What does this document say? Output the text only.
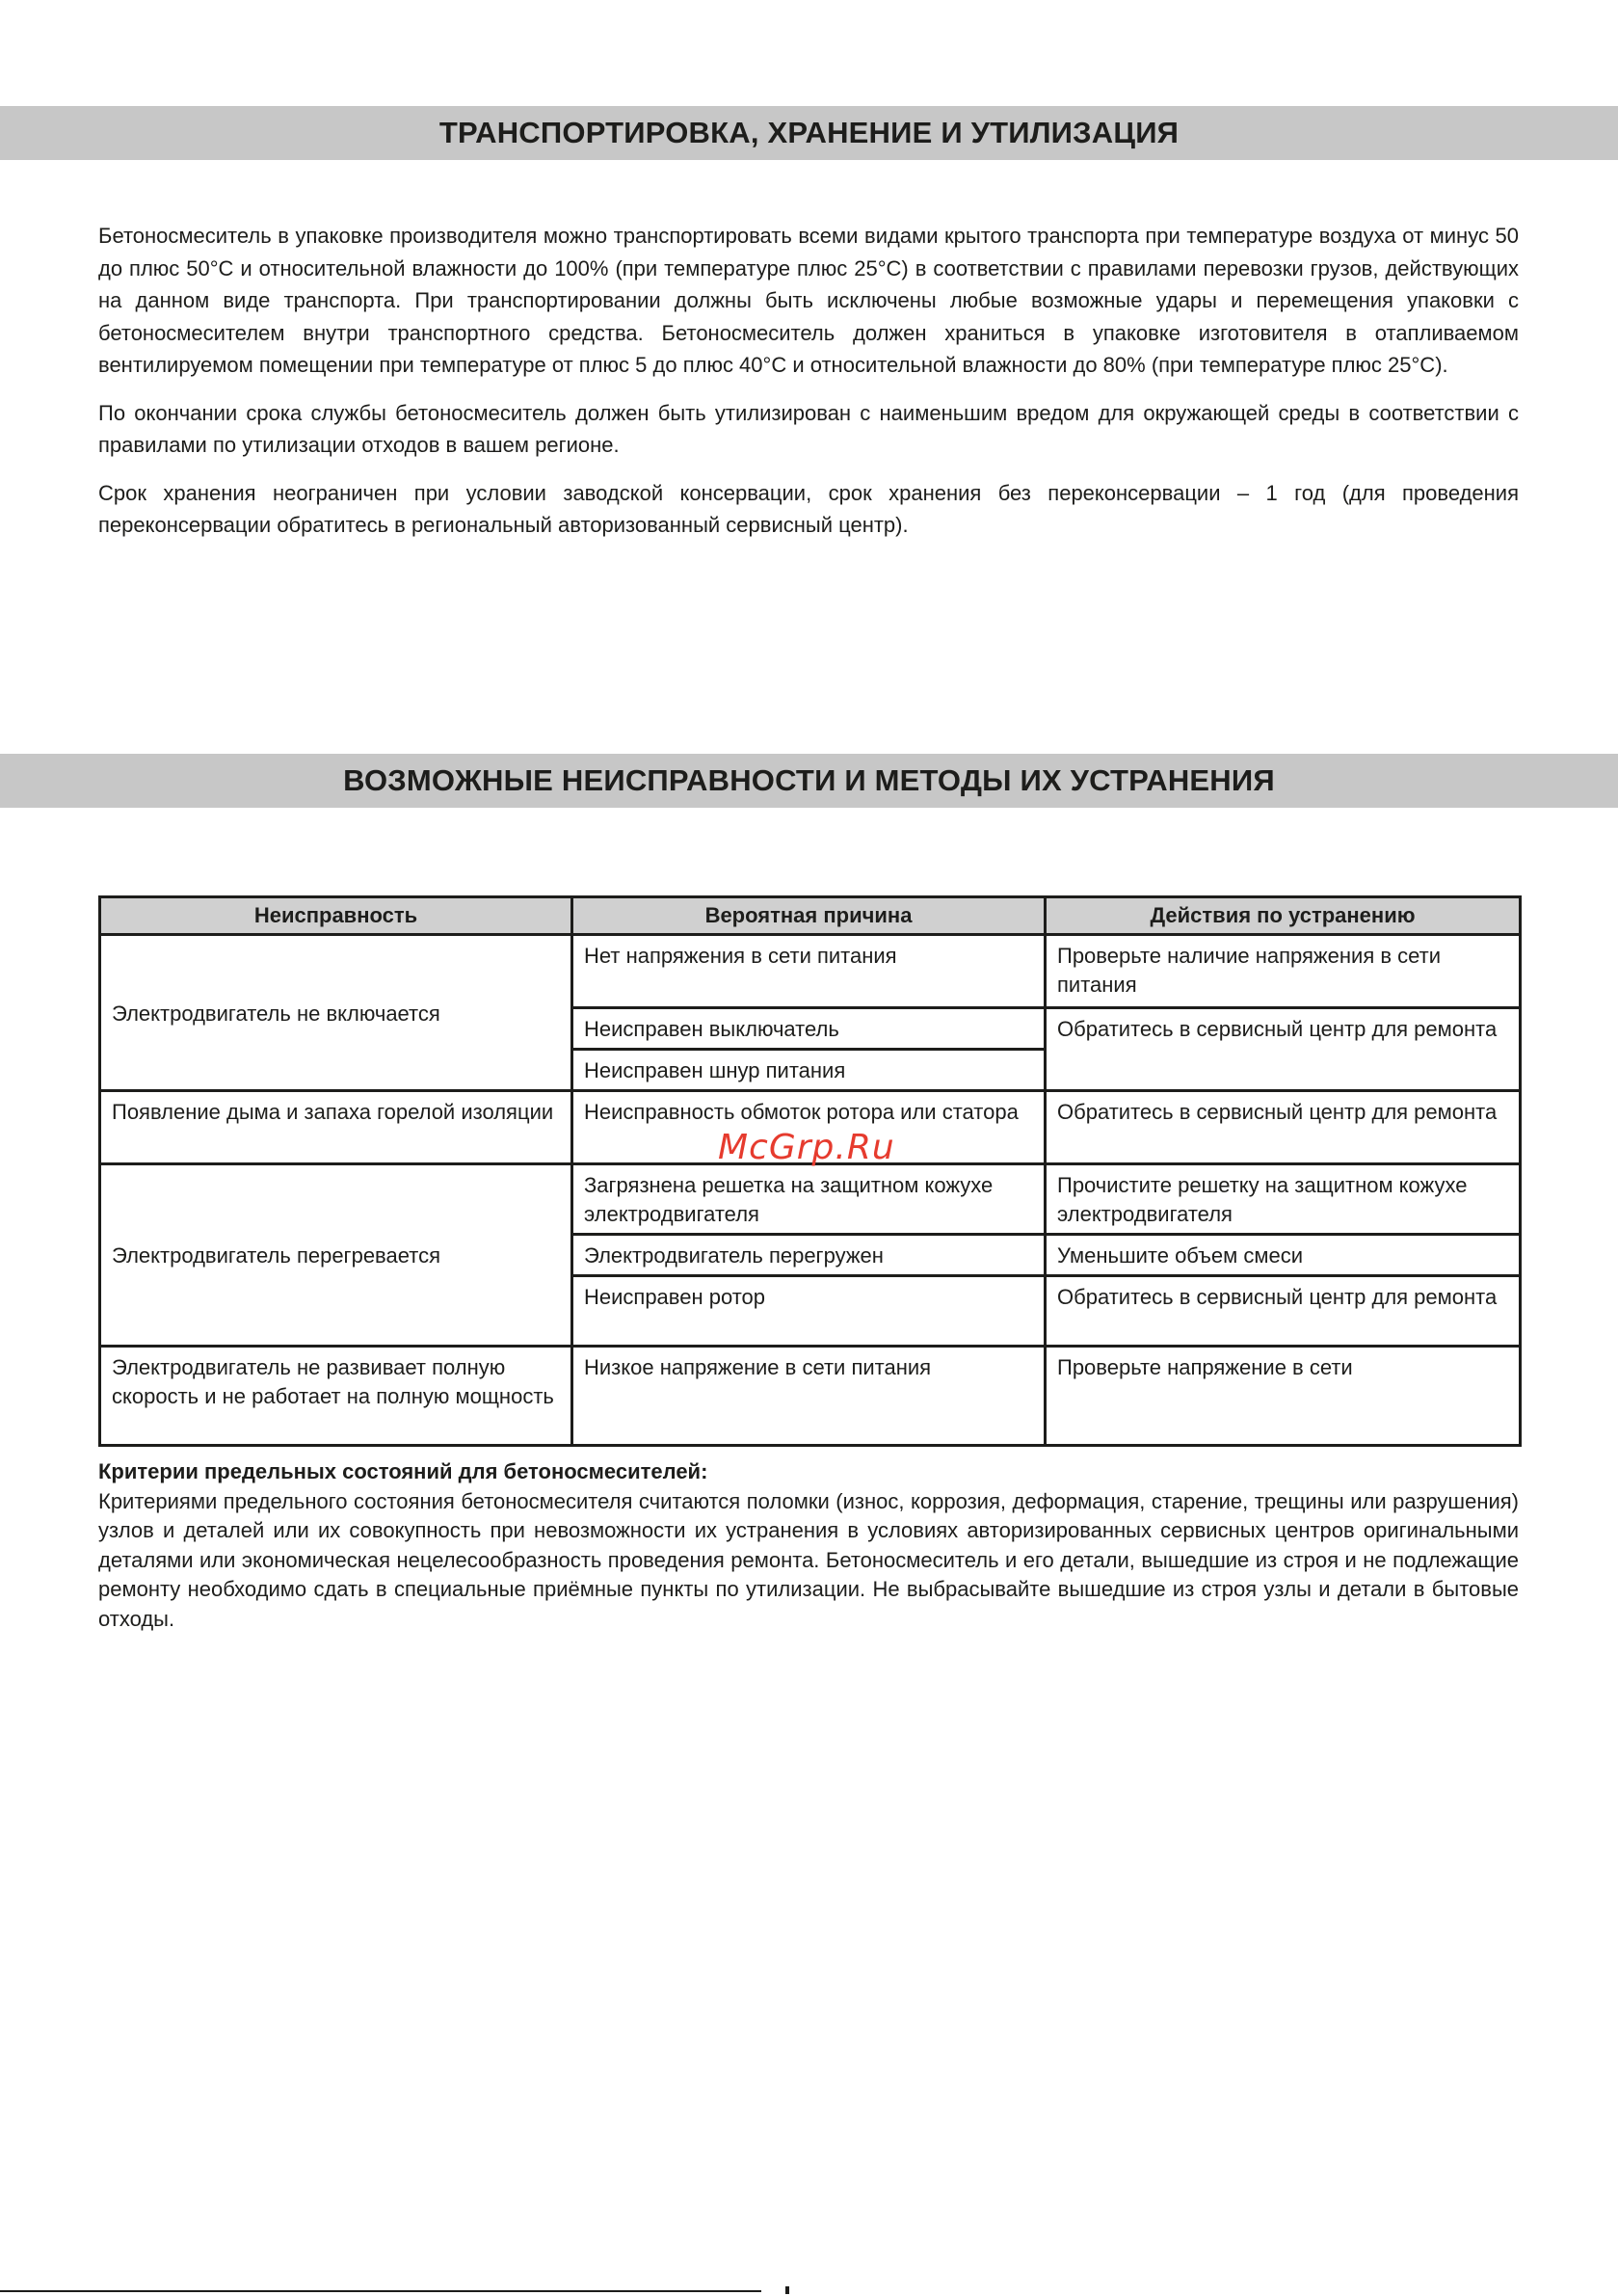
ТРАНСПОРТИРОВКА, ХРАНЕНИЕ И УТИЛИЗАЦИЯ

Бетоносмеситель в упаковке производителя можно транспортировать всеми видами крытого транспорта при температуре воздуха от минус 50 до плюс 50°С и относительной влажности до 100% (при температуре плюс 25°С) в соответствии с правилами перевозки грузов, действующих на данном виде транспорта. При транспортировании должны быть исключены любые возможные удары и перемещения упаковки с бетоносмесителем внутри транспортного средства. Бетоносмеситель должен храниться в упаковке изготовителя в отапливаемом вентилируемом помещении при температуре от плюс 5 до плюс 40°С и относительной влажности до 80% (при температуре плюс 25°С).

По окончании срока службы бетоносмеситель должен быть утилизирован с наименьшим вредом для окружающей среды в соответствии с правилами по утилизации отходов в вашем регионе.

Срок хранения неограничен при условии заводской консервации, срок хранения без переконсервации – 1 год (для проведения переконсервации обратитесь в региональный авторизованный сервисный центр).

ВОЗМОЖНЫЕ НЕИСПРАВНОСТИ И МЕТОДЫ ИХ УСТРАНЕНИЯ
Неисправность	Вероятная причина	Действия по устранению
Электродвигатель не включается	Нет напряжения в сети питания	Проверьте наличие напряжения в сети питания
	Неисправен выключатель	Обратитесь в сервисный центр для ремонта
	Неисправен шнур питания	
Появление дыма и запаха горелой изоляции	Неисправность обмоток ротора или статора	Обратитесь в сервисный центр для ремонта
Электродвигатель перегревается	Загрязнена решетка на защитном кожухе электродвигателя	Прочистите решетку на защитном кожухе электродвигателя
	Электродвигатель перегружен	Уменьшите объем смеси
	Неисправен ротор	Обратитесь в сервисный центр для ремонта
Электродвигатель не развивает полную скорость и не работает на полную мощность	Низкое напряжение в сети питания	Проверьте напряжение в сети
McGrp.Ru

Критерии предельных состояний для бетоносмесителей:

Критериями предельного состояния бетоносмесителя считаются поломки (износ, коррозия, деформация, старение, трещины или разрушения) узлов и деталей или их совокупность при невозможности их устранения в условиях авторизированных сервисных центров оригинальными деталями или экономическая нецелесообразность проведения ремонта. Бетоносмеситель и его детали, вышедшие из строя и не подлежащие ремонту необходимо сдать в специальные приёмные пункты по утилизации. Не выбрасывайте вышедшие из строя узлы и детали в бытовые отходы.
